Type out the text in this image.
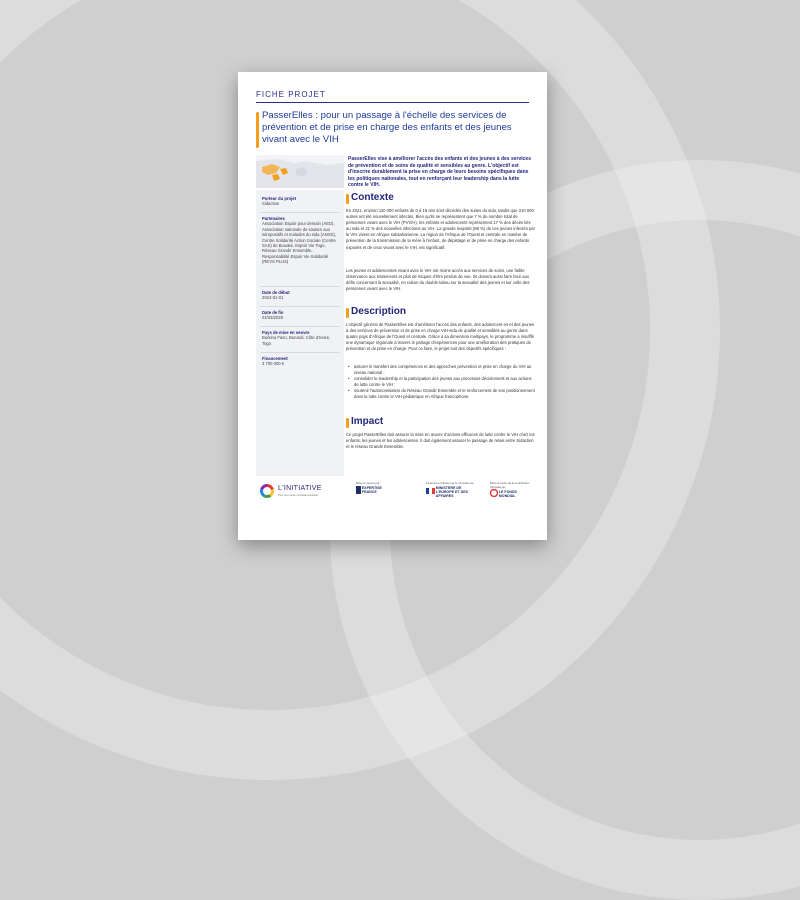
FICHE PROJET
PasserElles : pour un passage à l'échelle des services de prévention et de prise en charge des enfants et des jeunes vivant avec le VIH

PasserElles vise à améliorer l'accès des enfants et des jeunes à des services de prévention et de soins de qualité et sensibles au genre. L'objectif est d'inscrire durablement la prise en charge de leurs besoins spécifiques dans les politiques nationales, tout en renforçant leur leadership dans la lutte contre le VIH.

Porteur du projet
Sidaction
Partenaires
Association Espoir pour demain (AED), Association nationale de soutien aux séropositifs et malades du sida (ANSS), Centre Solidarité Action Sociale (Centre SAS) de Bouaké, Espoir Vie Togo, Réseau Grandir Ensemble, Responsabilité Espoir Vie Solidarité (REVS PLUS)
Date de début
2024-01-01
Date de fin
01/03/2028
Pays de mise en oeuvre
Burkina Faso, Burundi, Côte d'Ivoire, Togo
Financement
3 700 000 €
Contexte

En 2021, environ 110 000 enfants de 0 à 19 ans sont décédés des suites du sida, tandis que 310 000 autres ont été nouvellement infectés. Bien qu'ils ne représentent que 7 % du nombre total de personnes vivant avec le VIH (PVVIH), les enfants et adolescents représentent 17 % des décès liés au sida et 21 % des nouvelles infections au VIH. La grande majorité (88 %) de ces jeunes infectés par le VIH vivent en Afrique subsaharienne. La région de l'Afrique de l'Ouest et centrale en matière de prévention de la transmission de la mère à l'enfant, de dépistage et de prise en charge des enfants exposés et de ceux vivant avec le VIH, est significatif.

Les jeunes et adolescentes vivant avec le VIH ont moins accès aux services de soins, une faible observance aux traitements et plus de risques d'être perdus de vue. Ils doivent aussi faire face aux défis concernant la sexualité, en raison du double tabou sur la sexualité des jeunes et sur celle des personnes vivant avec le VIH.

Description

L'objectif général de PasserElles est d'améliorer l'accès des enfants, des adolescent·es et des jeunes à des services de prévention et de prise en charge VIH-sida de qualité et sensibles au genre dans quatre pays d'Afrique de l'Ouest et centrale. Grâce à sa dimension multipays, le programme a insufflé une dynamique régionale à travers le partage d'expériences pour une amélioration des pratiques de prévention et de prise en charge. Pour ce faire, le projet suit des objectifs spécifiques :

• assurer le transfert des compétences et des approches prévention et prise en charge du VIH au niveau national ;
• consolider le leadership et la participation des jeunes aux processus décisionnels et aux actions de lutte contre le VIH ;
• soutenir l'autonomisation du Réseau Grandir Ensemble et le renforcement de son positionnement dans la lutte contre le VIH pédiatrique en Afrique francophone.
Impact

Ce projet PasserElles doit assurer la mise en œuvre d'actions efficaces de lutte contre le VIH chez les enfants, les jeunes et les adolescentes. Il doit également assurer le passage de relais entre Sidaction et le réseau Grandir Ensemble.

L'INITIATIVE
Pour une santé mondiale équitable
Mise en œuvre par :
EXPERTISE FRANCE
Financée et pilotée par le ministère de
MINISTÈRE DE L'EUROPE ET DES AFFAIRES
Dans le cadre de la contribution française au
LE FONDS MONDIAL
